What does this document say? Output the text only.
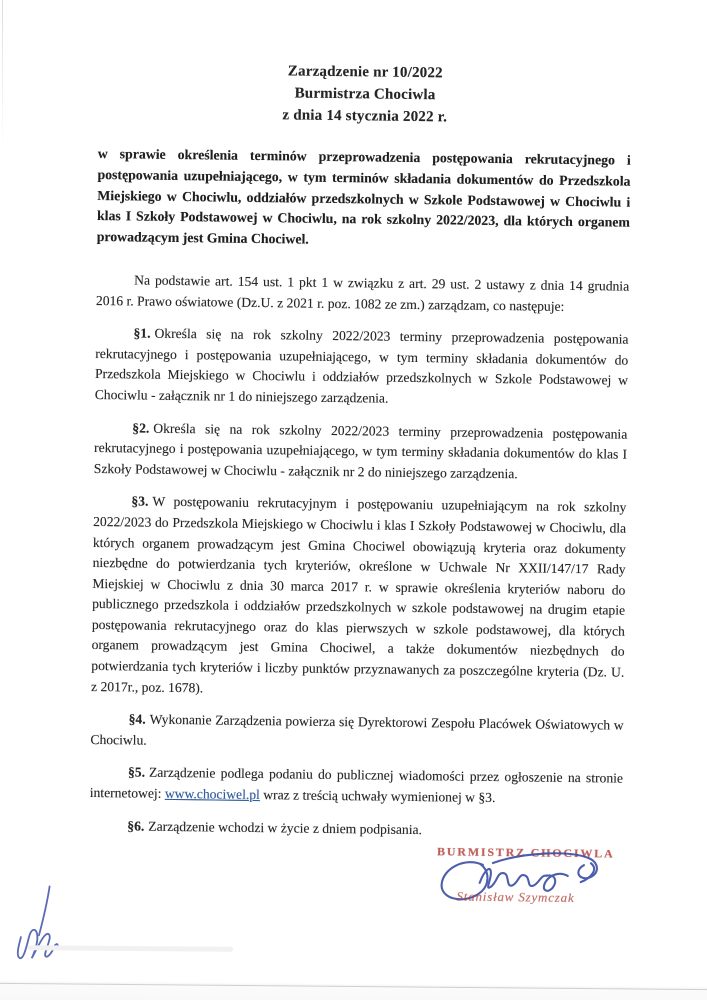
Zarządzenie nr 10/2022
Burmistrza Chociwla
z dnia 14 stycznia 2022 r.

w sprawie określenia terminów przeprowadzenia postępowania rekrutacyjnego i postępowania uzupełniającego, w tym terminów składania dokumentów do Przedszkola Miejskiego w Chociwlu, oddziałów przedszkolnych w Szkole Podstawowej w Chociwlu i klas I Szkoły Podstawowej w Chociwlu, na rok szkolny 2022/2023, dla których organem prowadzącym jest Gmina Chociwel.

Na podstawie art. 154 ust. 1 pkt 1 w związku z art. 29 ust. 2 ustawy z dnia 14 grudnia 2016 r. Prawo oświatowe (Dz.U. z 2021 r. poz. 1082 ze zm.) zarządzam, co następuje:

§1. Określa się na rok szkolny 2022/2023 terminy przeprowadzenia postępowania rekrutacyjnego i postępowania uzupełniającego, w tym terminy składania dokumentów do Przedszkola Miejskiego w Chociwlu i oddziałów przedszkolnych w Szkole Podstawowej w Chociwlu - załącznik nr 1 do niniejszego zarządzenia.

§2. Określa się na rok szkolny 2022/2023 terminy przeprowadzenia postępowania rekrutacyjnego i postępowania uzupełniającego, w tym terminy składania dokumentów do klas I Szkoły Podstawowej w Chociwlu - załącznik nr 2 do niniejszego zarządzenia.

§3. W postępowaniu rekrutacyjnym i postępowaniu uzupełniającym na rok szkolny 2022/2023 do Przedszkola Miejskiego w Chociwlu i klas I Szkoły Podstawowej w Chociwlu, dla których organem prowadzącym jest Gmina Chociwel obowiązują kryteria oraz dokumenty niezbędne do potwierdzania tych kryteriów, określone w Uchwale Nr XXII/147/17 Rady Miejskiej w Chociwlu z dnia 30 marca 2017 r. w sprawie określenia kryteriów naboru do publicznego przedszkola i oddziałów przedszkolnych w szkole podstawowej na drugim etapie postępowania rekrutacyjnego oraz do klas pierwszych w szkole podstawowej, dla których organem prowadzącym jest Gmina Chociwel, a także dokumentów niezbędnych do potwierdzania tych kryteriów i liczby punktów przyznawanych za poszczególne kryteria (Dz. U. z 2017r., poz. 1678).

§4. Wykonanie Zarządzenia powierza się Dyrektorowi Zespołu Placówek Oświatowych w Chociwlu.

§5. Zarządzenie podlega podaniu do publicznej wiadomości przez ogłoszenie na stronie internetowej: www.chociwel.pl wraz z treścią uchwały wymienionej w §3.

§6. Zarządzenie wchodzi w życie z dniem podpisania.

BURMISTRZ CHOCIWLA
Stanisław Szymczak
